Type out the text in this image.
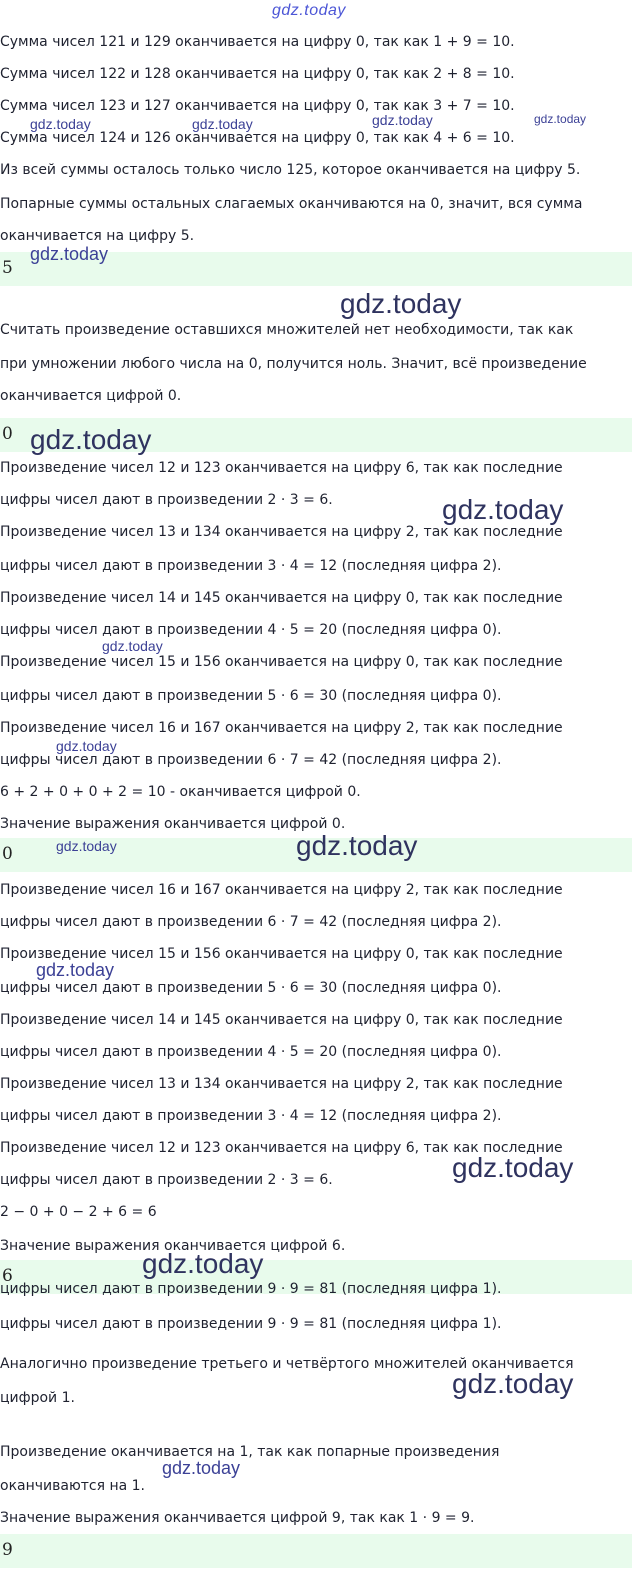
gdz.today
Сумма чисел 121 и 129 оканчивается на цифру 0, так как 1 + 9 = 10.
Сумма чисел 122 и 128 оканчивается на цифру 0, так как 2 + 8 = 10.
Сумма чисел 123 и 127 оканчивается на цифру 0, так как 3 + 7 = 10.
Сумма чисел 124 и 126 оканчивается на цифру 0, так как 4 + 6 = 10.
Из всей суммы осталось только число 125, которое оканчивается на цифру 5.
Попарные суммы остальных слагаемых оканчиваются на 0, значит, вся сумма
оканчивается на цифру 5.
5
Считать произведение оставшихся множителей нет необходимости, так как
при умножении любого числа на 0, получится ноль. Значит, всё произведение
оканчивается цифрой 0.
0
Произведение чисел 12 и 123 оканчивается на цифру 6, так как последние
цифры чисел дают в произведении 2 · 3 = 6.
Произведение чисел 13 и 134 оканчивается на цифру 2, так как последние
цифры чисел дают в произведении 3 · 4 = 12 (последняя цифра 2).
Произведение чисел 14 и 145 оканчивается на цифру 0, так как последние
цифры чисел дают в произведении 4 · 5 = 20 (последняя цифра 0).
Произведение чисел 15 и 156 оканчивается на цифру 0, так как последние
цифры чисел дают в произведении 5 · 6 = 30 (последняя цифра 0).
Произведение чисел 16 и 167 оканчивается на цифру 2, так как последние
цифры чисел дают в произведении 6 · 7 = 42 (последняя цифра 2).
6 + 2 + 0 + 0 + 2 = 10 - оканчивается цифрой 0.
Значение выражения оканчивается цифрой 0.
0
Произведение чисел 16 и 167 оканчивается на цифру 2, так как последние
цифры чисел дают в произведении 6 · 7 = 42 (последняя цифра 2).
Произведение чисел 15 и 156 оканчивается на цифру 0, так как последние
цифры чисел дают в произведении 5 · 6 = 30 (последняя цифра 0).
Произведение чисел 14 и 145 оканчивается на цифру 0, так как последние
цифры чисел дают в произведении 4 · 5 = 20 (последняя цифра 0).
Произведение чисел 13 и 134 оканчивается на цифру 2, так как последние
цифры чисел дают в произведении 3 · 4 = 12 (последняя цифра 2).
Произведение чисел 12 и 123 оканчивается на цифру 6, так как последние
цифры чисел дают в произведении 2 · 3 = 6.
2 − 0 + 0 − 2 + 6 = 6
Значение выражения оканчивается цифрой 6.
6
цифры чисел дают в произведении 9 · 9 = 81 (последняя цифра 1).
цифры чисел дают в произведении 9 · 9 = 81 (последняя цифра 1).
Аналогично произведение третьего и четвёртого множителей оканчивается
цифрой 1.
Произведение оканчивается на 1, так как попарные произведения
оканчиваются на 1.
Значение выражения оканчивается цифрой 9, так как 1 · 9 = 9.
9
gdz.today	gdz.today	gdz.today	gdz.today
gdz.today
gdz.today
gdz.today
gdz.today
gdz.today
gdz.today
gdz.today	gdz.today
gdz.today
gdz.today
gdz.today
gdz.today
gdz.today
